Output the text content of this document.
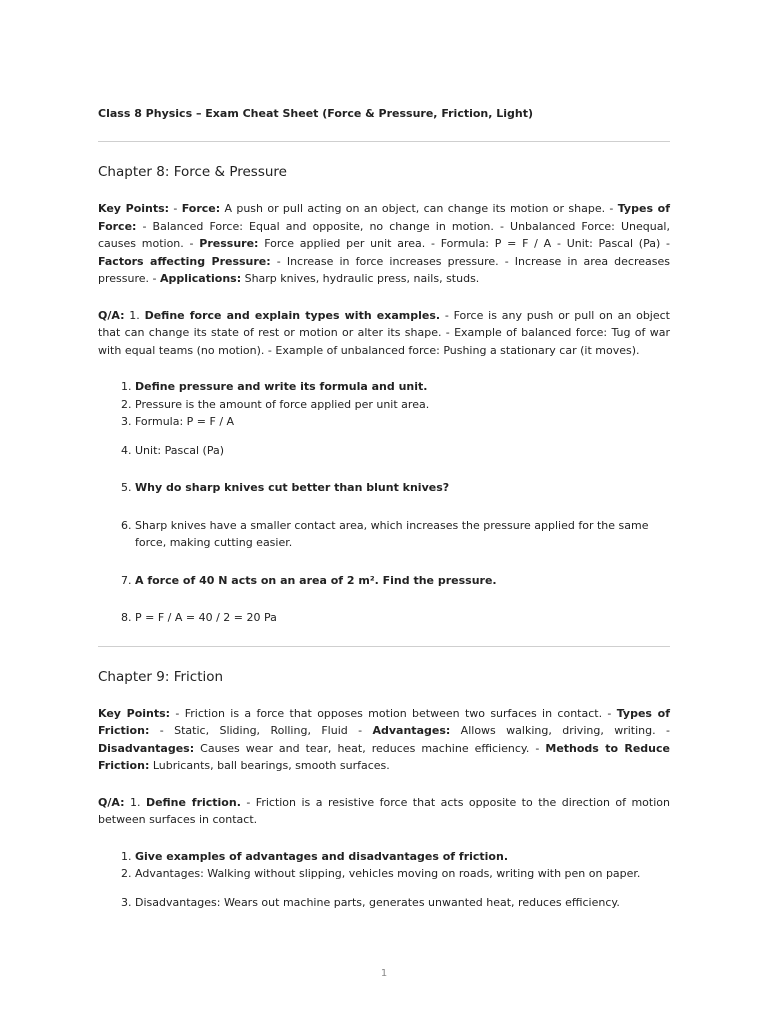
Class 8 Physics – Exam Cheat Sheet (Force & Pressure, Friction, Light)
Chapter 8: Force & Pressure

Key Points: - Force: A push or pull acting on an object, can change its motion or shape. - Types of Force: - Balanced Force: Equal and opposite, no change in motion. - Unbalanced Force: Unequal, causes motion. - Pressure: Force applied per unit area. - Formula: P = F / A - Unit: Pascal (Pa) - Factors affecting Pressure: - Increase in force increases pressure. - Increase in area decreases pressure. - Applications: Sharp knives, hydraulic press, nails, studs.

Q/A: 1. Define force and explain types with examples. - Force is any push or pull on an object that can change its state of rest or motion or alter its shape. - Example of balanced force: Tug of war with equal teams (no motion). - Example of unbalanced force: Pushing a stationary car (it moves).

1. Define pressure and write its formula and unit.
2. Pressure is the amount of force applied per unit area.
3. Formula: P = F / A
4. Unit: Pascal (Pa)
5. Why do sharp knives cut better than blunt knives?
6. Sharp knives have a smaller contact area, which increases the pressure applied for the same force, making cutting easier.
7. A force of 40 N acts on an area of 2 m². Find the pressure.
8. P = F / A = 40 / 2 = 20 Pa
Chapter 9: Friction

Key Points: - Friction is a force that opposes motion between two surfaces in contact. - Types of Friction: - Static, Sliding, Rolling, Fluid - Advantages: Allows walking, driving, writing. - Disadvantages: Causes wear and tear, heat, reduces machine efficiency. - Methods to Reduce Friction: Lubricants, ball bearings, smooth surfaces.

Q/A: 1. Define friction. - Friction is a resistive force that acts opposite to the direction of motion between surfaces in contact.

1. Give examples of advantages and disadvantages of friction.
2. Advantages: Walking without slipping, vehicles moving on roads, writing with pen on paper.
3. Disadvantages: Wears out machine parts, generates unwanted heat, reduces efficiency.
1
